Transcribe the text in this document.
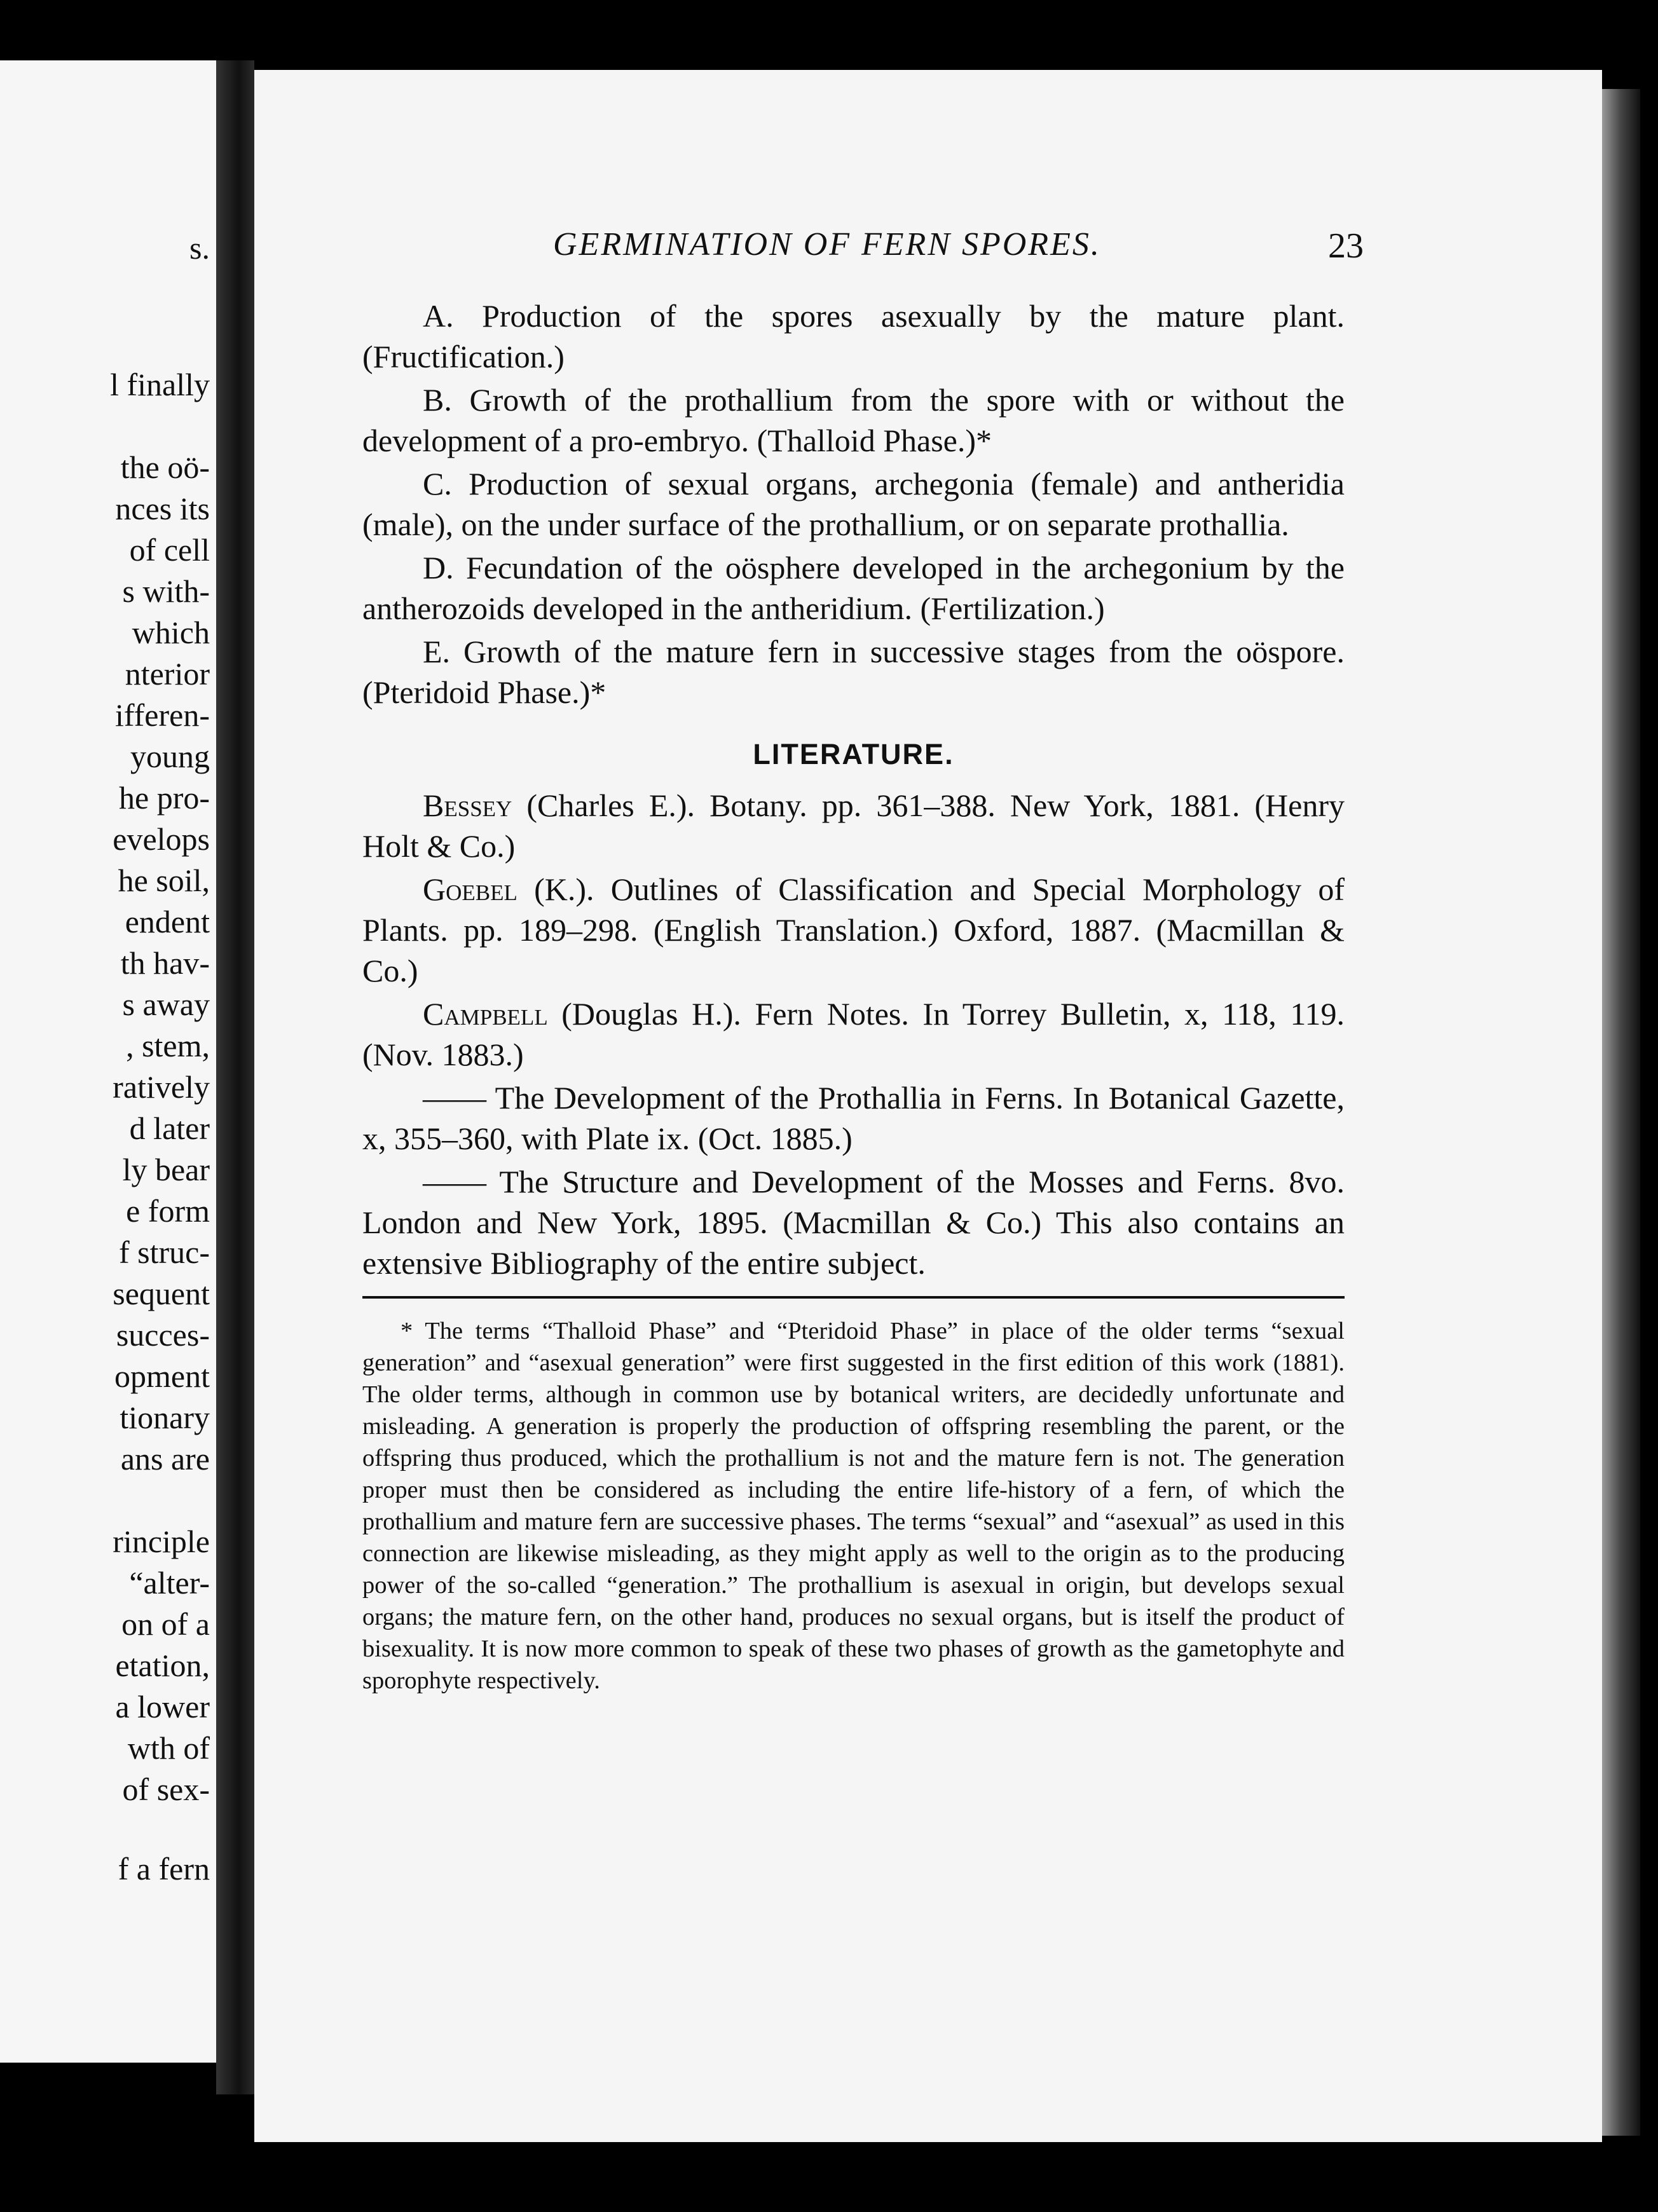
s.
l finally
the oö-
nces its
of cell
s with-
which
nterior
ifferen-
young
he pro-
evelops
he soil,
endent
th hav-
s away
, stem,
ratively
d later
ly bear
e form
f struc-
sequent
succes-
opment
tionary
ans are
rinciple
“alter-
on of a
etation,
a lower
wth of
of sex-
f a fern
GERMINATION OF FERN SPORES.	23

A. Production of the spores asexually by the mature plant. (Fructification.)

B. Growth of the prothallium from the spore with or without the development of a pro-embryo. (Thalloid Phase.)*

C. Production of sexual organs, archegonia (female) and antheridia (male), on the under surface of the prothallium, or on separate prothallia.

D. Fecundation of the oösphere developed in the archegonium by the antherozoids developed in the antheridium. (Fertilization.)

E. Growth of the mature fern in successive stages from the oöspore. (Pteridoid Phase.)*

LITERATURE.

Bessey (Charles E.). Botany. pp. 361–388. New York, 1881. (Henry Holt & Co.)

Goebel (K.). Outlines of Classification and Special Morphology of Plants. pp. 189–298. (English Translation.) Oxford, 1887. (Macmillan & Co.)

Campbell (Douglas H.). Fern Notes. In Torrey Bulletin, x, 118, 119. (Nov. 1883.)

—— The Development of the Prothallia in Ferns. In Botanical Gazette, x, 355–360, with Plate ix. (Oct. 1885.)

—— The Structure and Development of the Mosses and Ferns. 8vo. London and New York, 1895. (Macmillan & Co.) This also contains an extensive Bibliography of the entire subject.

* The terms “Thalloid Phase” and “Pteridoid Phase” in place of the older terms “sexual generation” and “asexual generation” were first suggested in the first edition of this work (1881). The older terms, although in common use by botanical writers, are decidedly unfortunate and misleading. A generation is properly the production of offspring resembling the parent, or the offspring thus produced, which the prothallium is not and the mature fern is not. The generation proper must then be considered as including the entire life-history of a fern, of which the prothallium and mature fern are successive phases. The terms “sexual” and “asexual” as used in this connection are likewise misleading, as they might apply as well to the origin as to the producing power of the so-called “generation.” The prothallium is asexual in origin, but develops sexual organs; the mature fern, on the other hand, produces no sexual organs, but is itself the product of bisexuality. It is now more common to speak of these two phases of growth as the gametophyte and sporophyte respectively.
